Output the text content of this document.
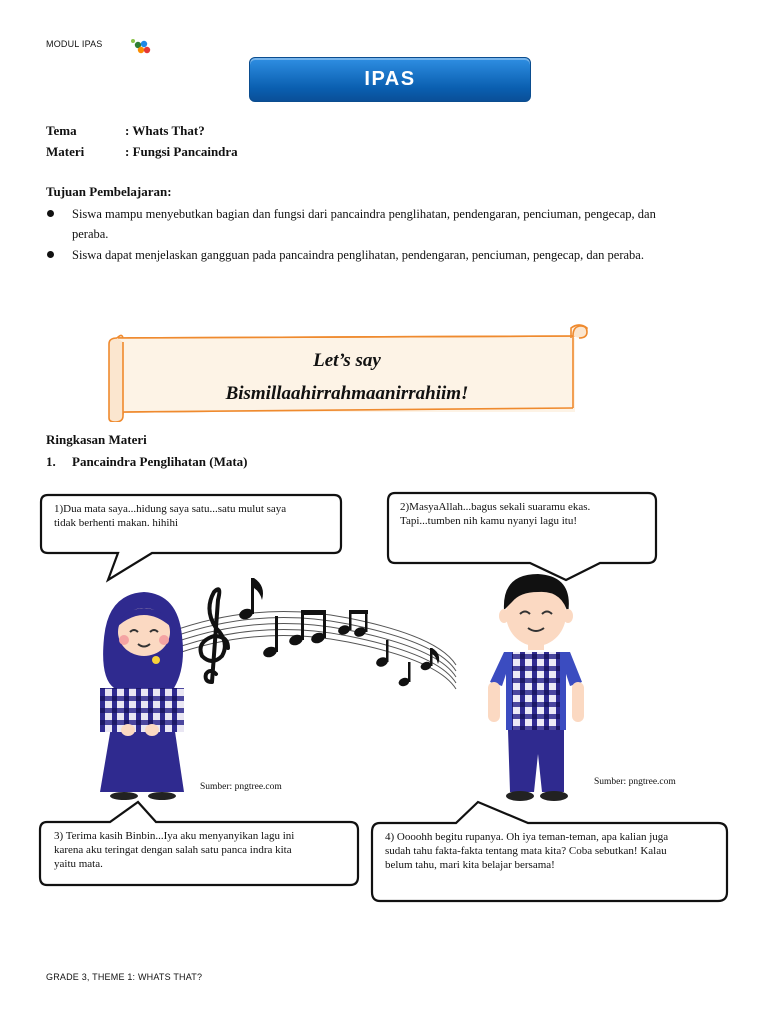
MODUL IPAS
IPAS
Tema	: Whats That?
Materi	: Fungsi Pancaindra
Tujuan Pembelajaran:
Siswa mampu menyebutkan bagian dan fungsi dari pancaindra penglihatan, pendengaran, penciuman, pengecap, dan
peraba.
Siswa dapat menjelaskan gangguan pada pancaindra penglihatan, pendengaran, penciuman, pengecap, dan peraba.
Let’s say
Bismillaahirrahmaanirrahiim!
Ringkasan Materi
1. Pancaindra Penglihatan (Mata)
1)Dua mata saya...hidung saya satu...satu mulut saya
tidak berhenti makan. hihihi
2)MasyaAllah...bagus sekali suaramu ekas.
Tapi...tumben nih kamu nyanyi lagu itu!
3) Terima kasih Binbin...Iya aku menyanyikan lagu ini
karena aku teringat dengan salah satu panca indra kita
yaitu mata.
4) Oooohh begitu rupanya. Oh iya teman-teman, apa kalian juga
sudah tahu fakta-fakta tentang mata kita? Coba sebutkan! Kalau
belum tahu, mari kita belajar bersama!
Sumber: pngtree.com	Sumber: pngtree.com
GRADE 3, THEME 1: WHATS THAT?
